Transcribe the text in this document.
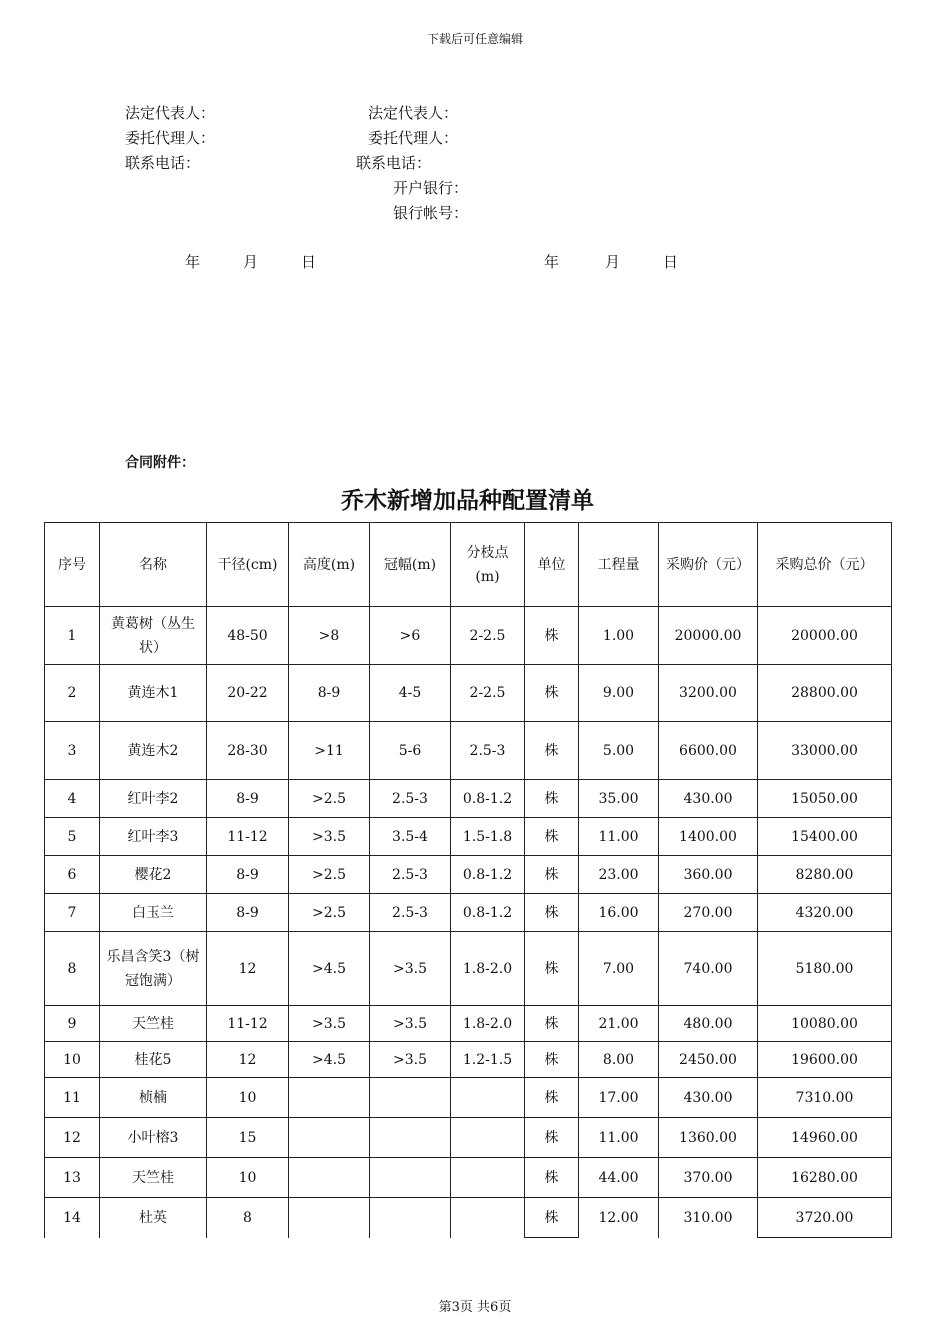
下载后可任意编辑
法定代表人：
委托代理人：
联系电话：
法定代表人：
委托代理人：
联系电话：
开户银行：
银行帐号：
年	月	日	年	月	日
合同附件：
乔木新增加品种配置清单
序号	名称	干径(cm)	高度(m)	冠幅(m)	分枝点(m)	单位	工程量	采购价（元）	采购总价（元）
1	黄葛树（丛生状）	48-50	>8	>6	2-2.5	株	1.00	20000.00	20000.00
2	黄连木1	20-22	8-9	4-5	2-2.5	株	9.00	3200.00	28800.00
3	黄连木2	28-30	>11	5-6	2.5-3	株	5.00	6600.00	33000.00
4	红叶李2	8-9	>2.5	2.5-3	0.8-1.2	株	35.00	430.00	15050.00
5	红叶李3	11-12	>3.5	3.5-4	1.5-1.8	株	11.00	1400.00	15400.00
6	樱花2	8-9	>2.5	2.5-3	0.8-1.2	株	23.00	360.00	8280.00
7	白玉兰	8-9	>2.5	2.5-3	0.8-1.2	株	16.00	270.00	4320.00
8	乐昌含笑3（树冠饱满）	12	>4.5	>3.5	1.8-2.0	株	7.00	740.00	5180.00
9	天竺桂	11-12	>3.5	>3.5	1.8-2.0	株	21.00	480.00	10080.00
10	桂花5	12	>4.5	>3.5	1.2-1.5	株	8.00	2450.00	19600.00
11	桢楠	10				株	17.00	430.00	7310.00
12	小叶榕3	15				株	11.00	1360.00	14960.00
13	天竺桂	10				株	44.00	370.00	16280.00
14	杜英	8				株	12.00	310.00	3720.00
第3页 共6页
